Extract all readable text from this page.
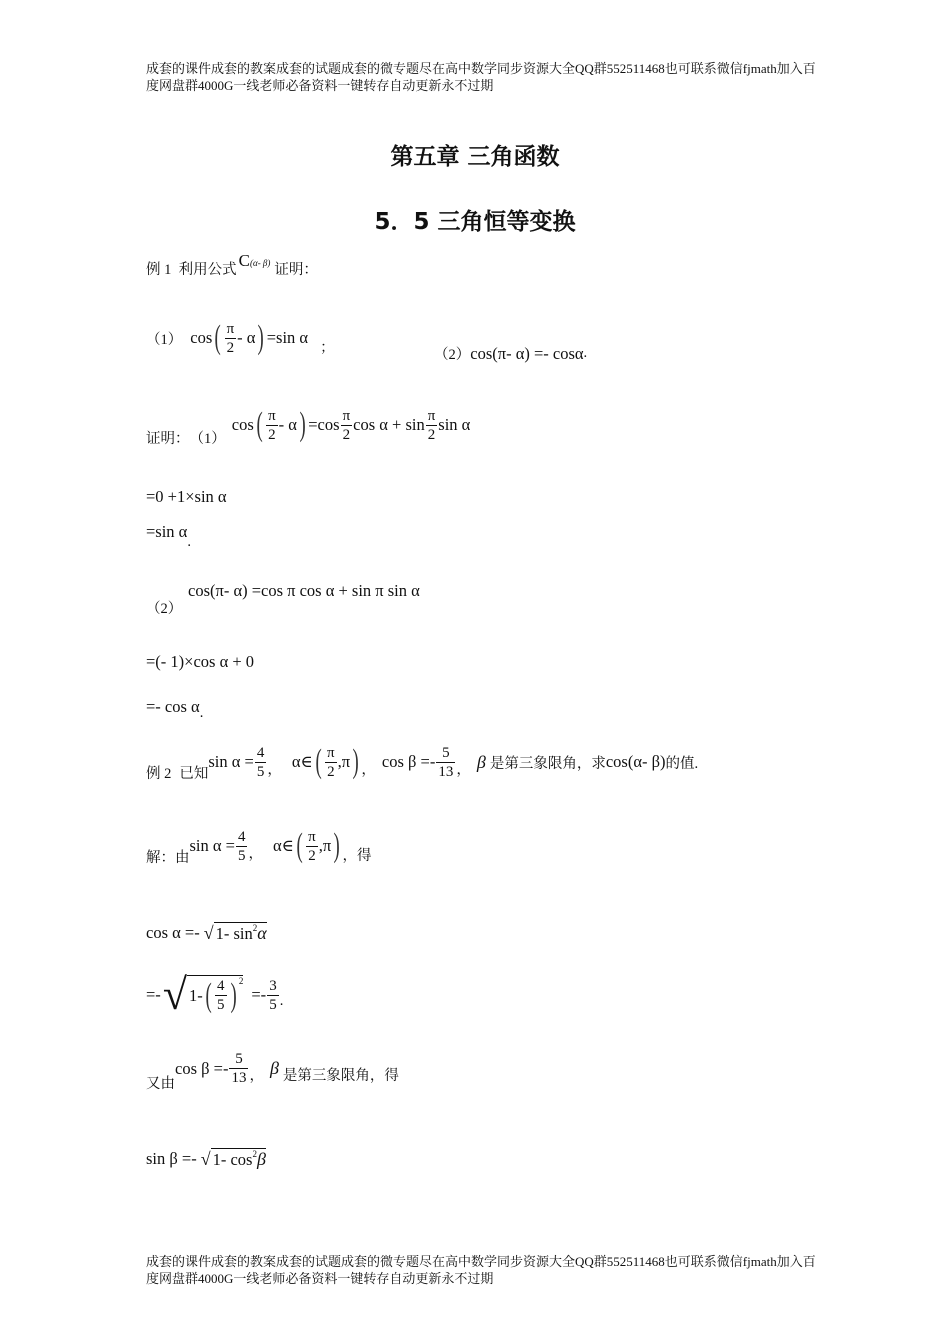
成套的课件成套的教案成套的试题成套的微专题尽在高中数学同步资源大全QQ群552511468也可联系微信fjmath加入百度网盘群4000G一线老师必备资料一键转存自动更新永不过期
第五章 三角函数
5．5 三角恒等变换
例 1
利用公式
C (α- β) 证明：
（1） cos ( $\frac{\pi}{2}$ - α ) =sin α
；	（2） cos(π- α) =- cosα .
证明： （1）
cos ( $\frac{\pi}{2}$ - α ) $=\cos \frac{\pi}{2}$ $\cos \alpha + \sin \frac{\pi}{2}$ sin α
=0 +1×sin α
=sin α
.
（2）
cos(π- α) =cos π cos α + sin π sin α
=(- 1)×cos α + 0
=- cos α .
例 2
已知
$\sin \alpha = \frac{4}{5}$ ， α∈ ( $\frac{\pi}{2} ,\pi$ ) ， $\cos \beta =- \frac{5}{13}$ ， β 是第三象限角，求 cos(α- β) 的值.
解：由
$\sin \alpha = \frac{4}{5}$ ， α∈ ( $\frac{\pi}{2} ,\pi$ ) ，得
cos α =- √ 1- $\sin^2\alpha$
=- √ 1- ( $\frac{4}{5}$ ) 2
=- $\frac{3}{5}$ .
又由
$\cos \beta =- \frac{5}{13}$ ， β 是第三象限角，得
sin β =- √ 1- $\cos^2\beta$
成套的课件成套的教案成套的试题成套的微专题尽在高中数学同步资源大全QQ群552511468也可联系微信fjmath加入百度网盘群4000G一线老师必备资料一键转存自动更新永不过期
